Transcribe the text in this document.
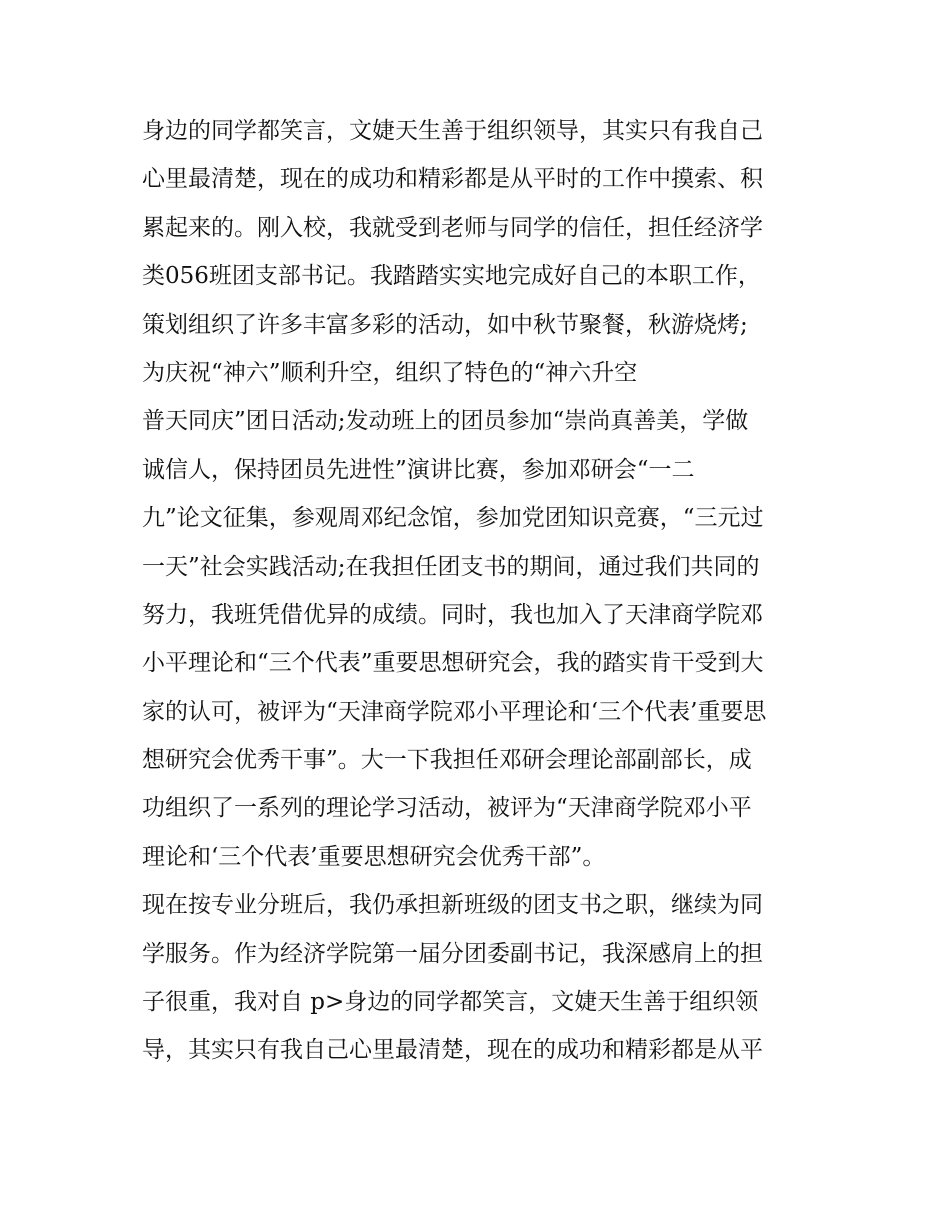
身边的同学都笑言，文婕天生善于组织领导，其实只有我自己
心里最清楚，现在的成功和精彩都是从平时的工作中摸索、积
累起来的。刚入校，我就受到老师与同学的信任，担任经济学
类056班团支部书记。我踏踏实实地完成好自己的本职工作，
策划组织了许多丰富多彩的活动，如中秋节聚餐，秋游烧烤;
为庆祝“神六”顺利升空，组织了特色的“神六升空
普天同庆”团日活动;发动班上的团员参加“崇尚真善美，学做
诚信人，保持团员先进性”演讲比赛，参加邓研会“一二
九”论文征集，参观周邓纪念馆，参加党团知识竞赛，“三元过
一天”社会实践活动;在我担任团支书的期间，通过我们共同的
努力，我班凭借优异的成绩。同时，我也加入了天津商学院邓
小平理论和“三个代表”重要思想研究会，我的踏实肯干受到大
家的认可，被评为“天津商学院邓小平理论和‘三个代表’重要思
想研究会优秀干事”。大一下我担任邓研会理论部副部长，成
功组织了一系列的理论学习活动，被评为“天津商学院邓小平
理论和‘三个代表’重要思想研究会优秀干部”。
现在按专业分班后，我仍承担新班级的团支书之职，继续为同
学服务。作为经济学院第一届分团委副书记，我深感肩上的担
子很重，我对自 p>身边的同学都笑言，文婕天生善于组织领
导，其实只有我自己心里最清楚，现在的成功和精彩都是从平
